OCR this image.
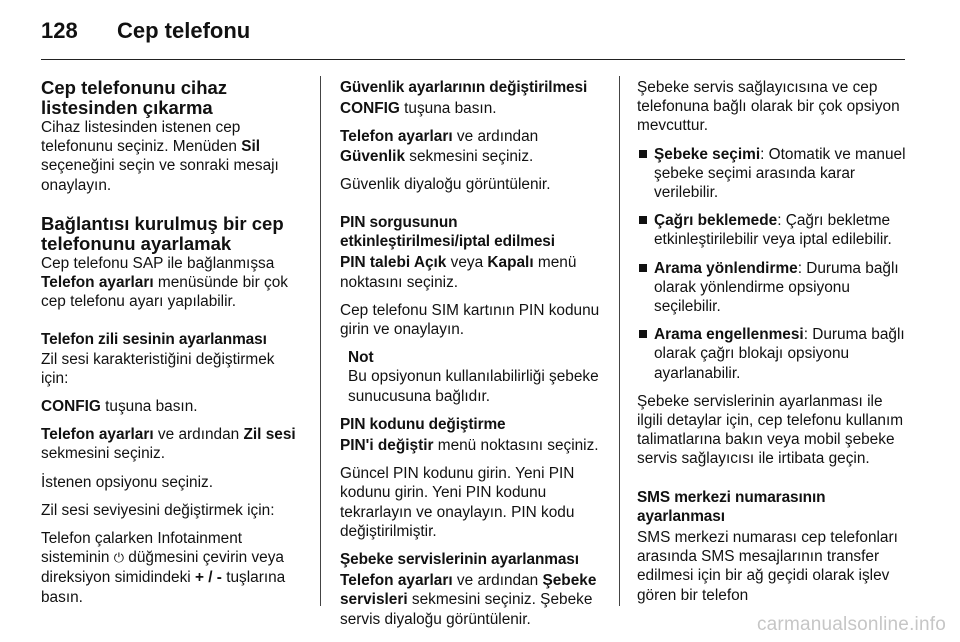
128 Cep telefonu
Cep telefonunu cihaz
listesinden çıkarma

Cihaz listesinden istenen cep telefonunu seçiniz. Menüden Sil seçeneğini seçin ve sonraki mesajı onaylayın.

Bağlantısı kurulmuş bir cep
telefonunu ayarlamak

Cep telefonu SAP ile bağlanmışsa Telefon ayarları menüsünde bir çok cep telefonu ayarı yapılabilir.

Telefon zili sesinin ayarlanması

Zil sesi karakteristiğini değiştirmek için:

CONFIG tuşuna basın.

Telefon ayarları ve ardından Zil sesi sekmesini seçiniz.

İstenen opsiyonu seçiniz.

Zil sesi seviyesini değiştirmek için:

Telefon çalarken Infotainment sisteminin ⏻ düğmesini çevirin veya direksiyon simidindeki + / - tuşlarına basın.

Güvenlik ayarlarının değiştirilmesi

CONFIG tuşuna basın.

Telefon ayarları ve ardından
Güvenlik sekmesini seçiniz.

Güvenlik diyaloğu görüntülenir.

PIN sorgusunun etkinleştirilmesi/iptal edilmesi

PIN talebi Açık veya Kapalı menü noktasını seçiniz.

Cep telefonu SIM kartının PIN kodunu girin ve onaylayın.

Not

Bu opsiyonun kullanılabilirliği şebeke sunucusuna bağlıdır.

PIN kodunu değiştirme

PIN'i değiştir menü noktasını seçiniz.

Güncel PIN kodunu girin. Yeni PIN kodunu girin. Yeni PIN kodunu tekrarlayın ve onaylayın. PIN kodu değiştirilmiştir.

Şebeke servislerinin ayarlanması

Telefon ayarları ve ardından Şebeke servisleri sekmesini seçiniz. Şebeke servis diyaloğu görüntülenir.

Şebeke servis sağlayıcısına ve cep telefonuna bağlı olarak bir çok opsiyon mevcuttur.

Şebeke seçimi: Otomatik ve manuel şebeke seçimi arasında karar verilebilir.
Çağrı beklemede: Çağrı bekletme etkinleştirilebilir veya iptal edilebilir.
Arama yönlendirme: Duruma bağlı olarak yönlendirme opsiyonu seçilebilir.
Arama engellenmesi: Duruma bağlı olarak çağrı blokajı opsiyonu ayarlanabilir.

Şebeke servislerinin ayarlanması ile ilgili detaylar için, cep telefonu kullanım talimatlarına bakın veya mobil şebeke servis sağlayıcısı ile irtibata geçin.

SMS merkezi numarasının ayarlanması

SMS merkezi numarası cep telefonları arasında SMS mesajlarının transfer edilmesi için bir ağ geçidi olarak işlev gören bir telefon

carmanualsonline.info
